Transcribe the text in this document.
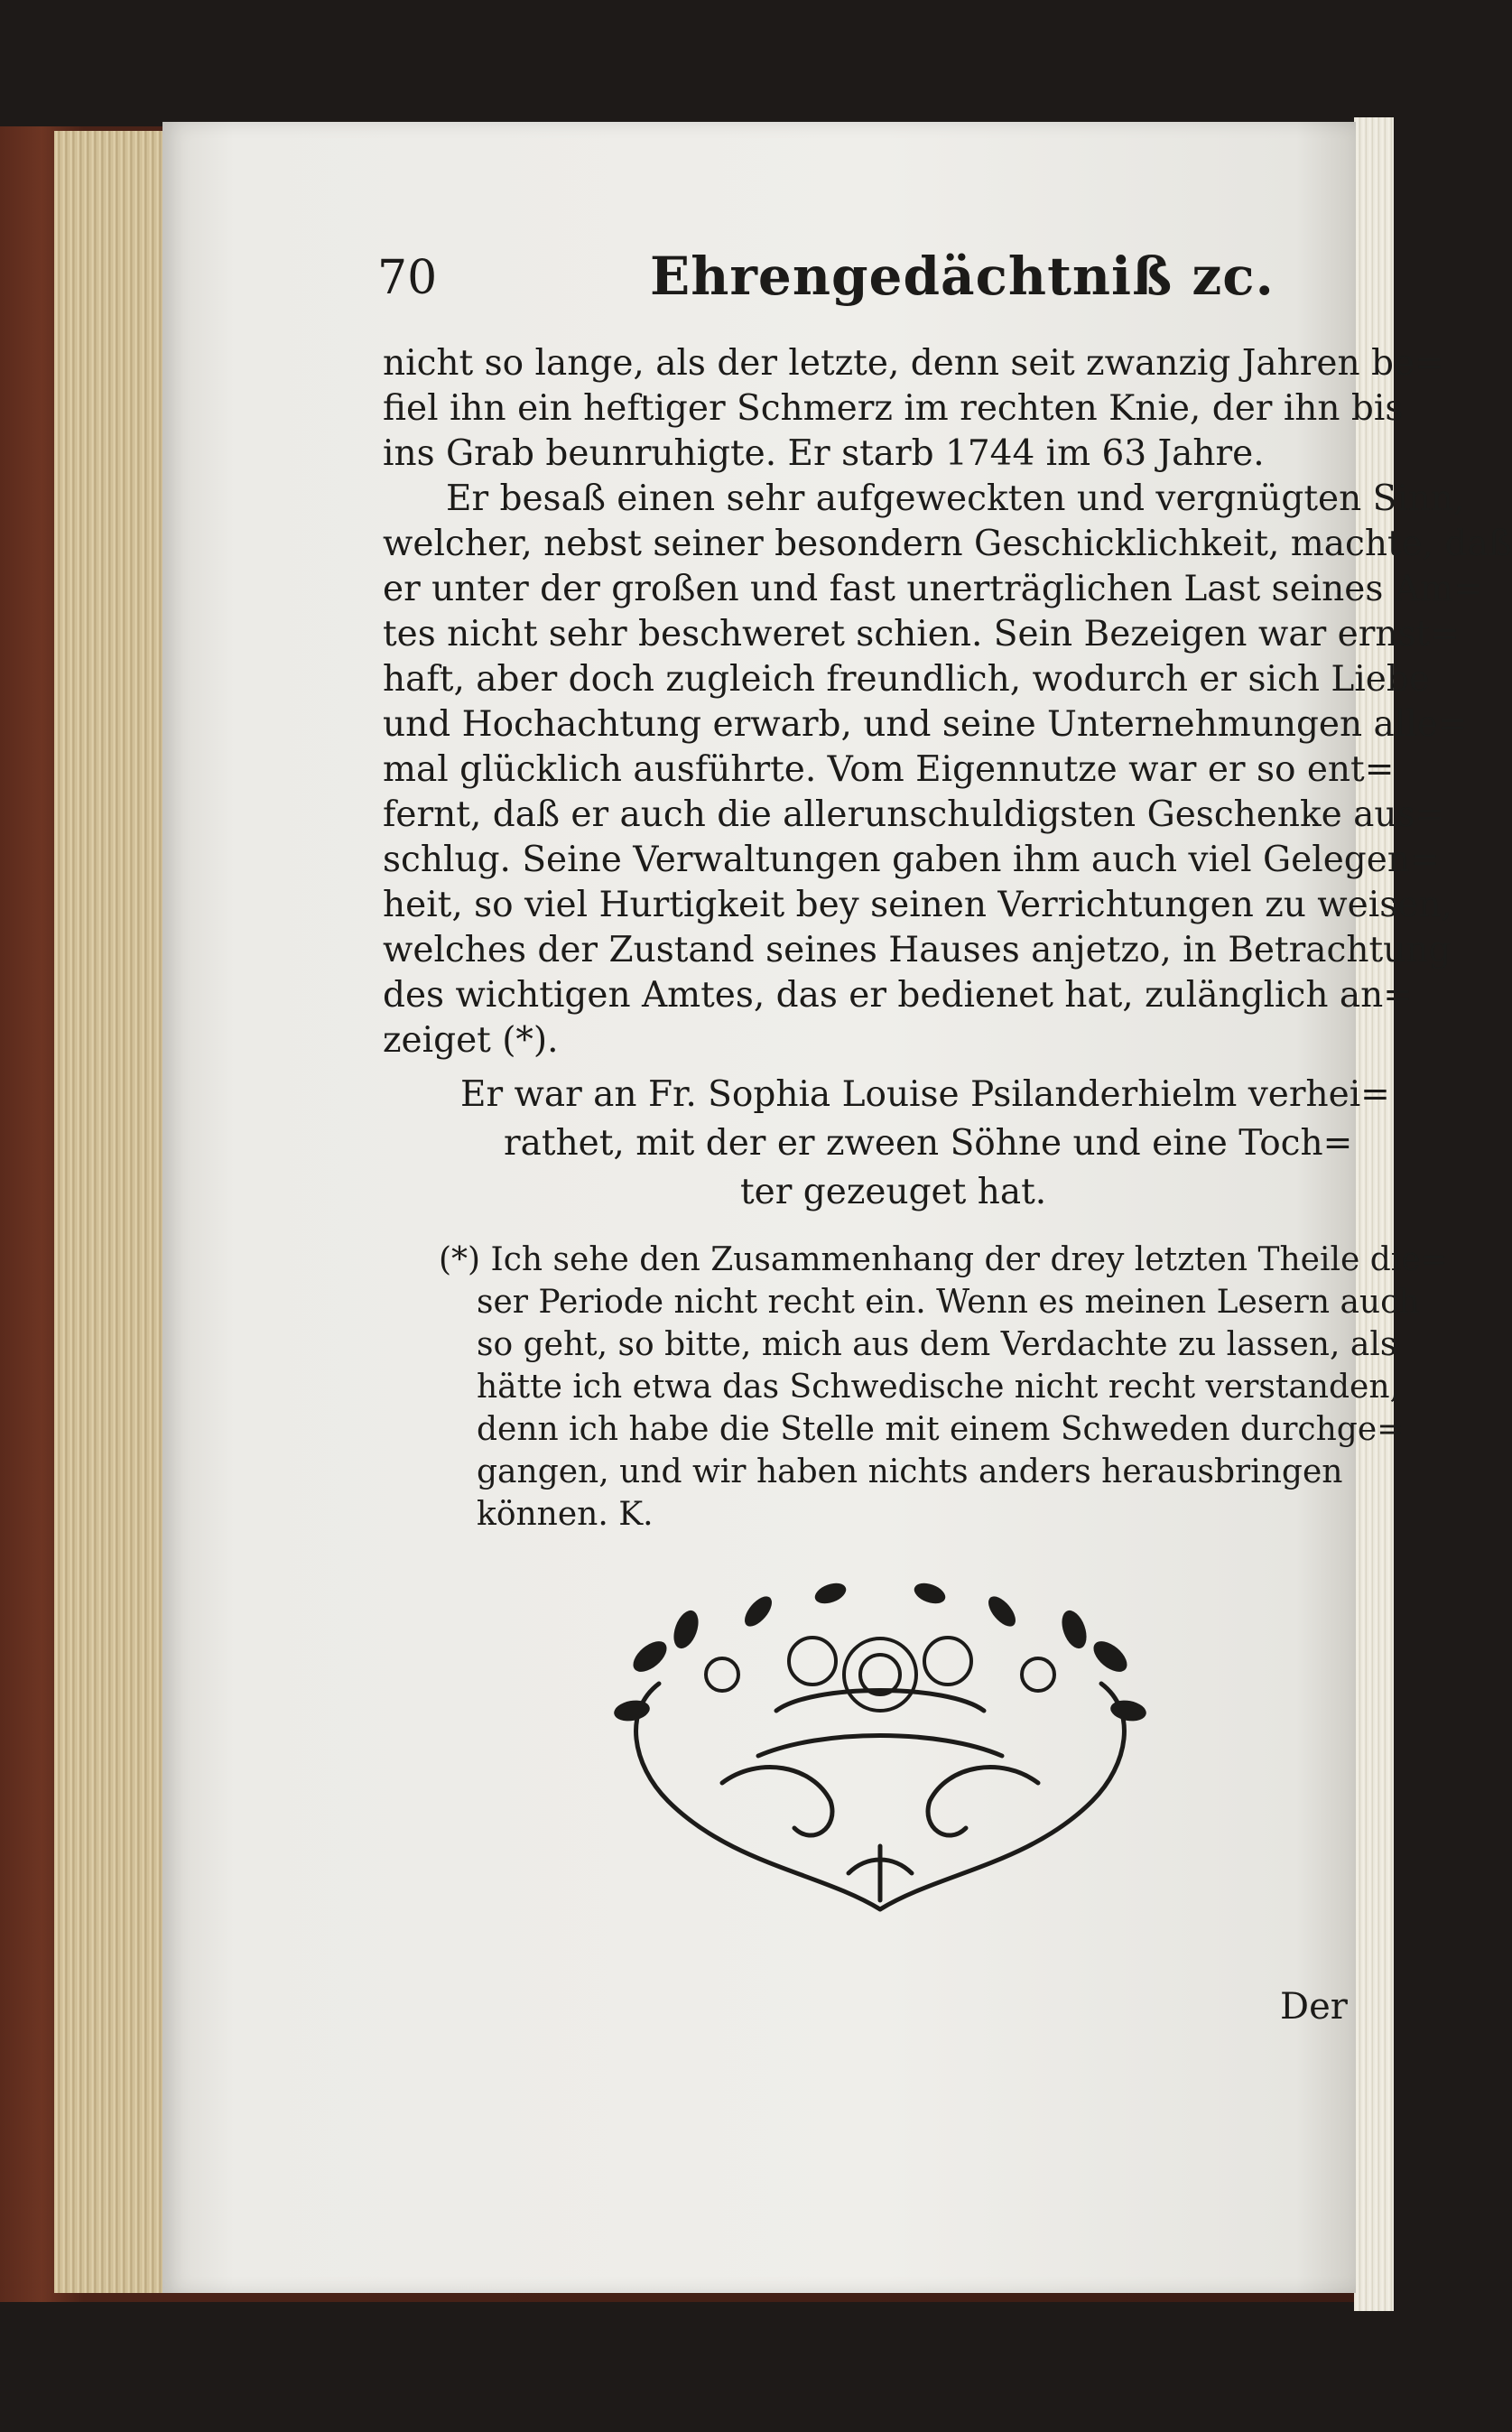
70	Ehrengedächtniß zc.
nicht so lange, als der letzte, denn seit zwanzig Jahren be=
fiel ihn ein heftiger Schmerz im rechten Knie, der ihn bis
ins Grab beunruhigte. Er starb 1744 im 63 Jahre.
Er besaß einen sehr aufgeweckten und vergnügten Sinn,
welcher, nebst seiner besondern Geschicklichkeit, machte, daß
er unter der großen und fast unerträglichen Last seines Am=
tes nicht sehr beschweret schien. Sein Bezeigen war ernst=
haft, aber doch zugleich freundlich, wodurch er sich Liebe
und Hochachtung erwarb, und seine Unternehmungen alle=
mal glücklich ausführte. Vom Eigennutze war er so ent=
fernt, daß er auch die allerunschuldigsten Geschenke aus=
schlug. Seine Verwaltungen gaben ihm auch viel Gelegen=
heit, so viel Hurtigkeit bey seinen Verrichtungen zu weisen,
welches der Zustand seines Hauses anjetzo, in Betrachtung
des wichtigen Amtes, das er bedienet hat, zulänglich an=
zeiget (*).
Er war an Fr. Sophia Louise Psilanderhielm verhei=
rathet, mit der er zween Söhne und eine Toch=
ter gezeuget hat.
(*) Ich sehe den Zusammenhang der drey letzten Theile die=
ser Periode nicht recht ein. Wenn es meinen Lesern auch
so geht, so bitte, mich aus dem Verdachte zu lassen, als
hätte ich etwa das Schwedische nicht recht verstanden,
denn ich habe die Stelle mit einem Schweden durchge=
gangen, und wir haben nichts anders herausbringen
können. K.
Der
